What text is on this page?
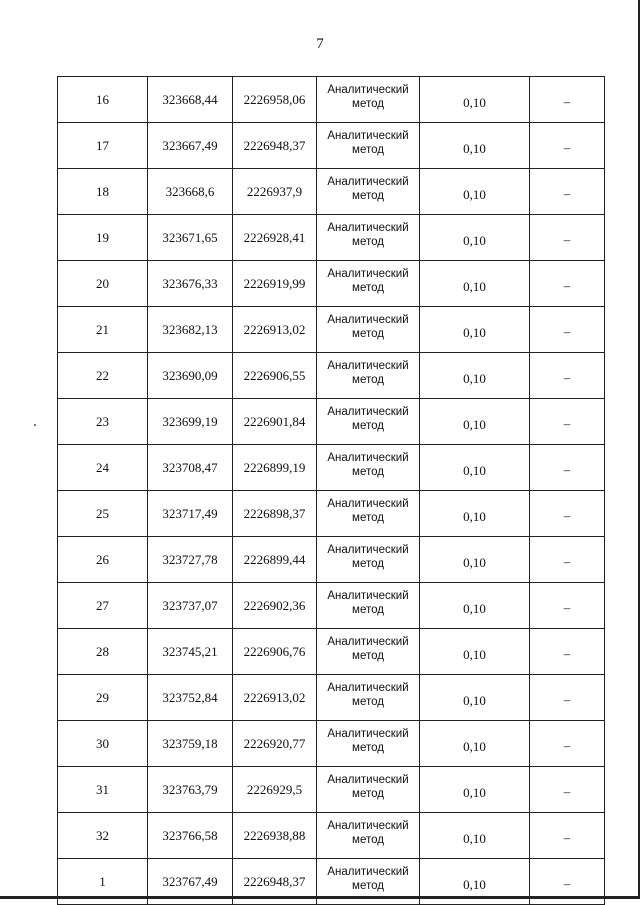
7
16	323668,44	2226958,06	Аналитический
метод	0,10	–
17	323667,49	2226948,37	Аналитический
метод	0,10	–
18	323668,6	2226937,9	Аналитический
метод	0,10	–
19	323671,65	2226928,41	Аналитический
метод	0,10	–
20	323676,33	2226919,99	Аналитический
метод	0,10	–
21	323682,13	2226913,02	Аналитический
метод	0,10	–
22	323690,09	2226906,55	Аналитический
метод	0,10	–
23	323699,19	2226901,84	Аналитический
метод	0,10	–
24	323708,47	2226899,19	Аналитический
метод	0,10	–
25	323717,49	2226898,37	Аналитический
метод	0,10	–
26	323727,78	2226899,44	Аналитический
метод	0,10	–
27	323737,07	2226902,36	Аналитический
метод	0,10	–
28	323745,21	2226906,76	Аналитический
метод	0,10	–
29	323752,84	2226913,02	Аналитический
метод	0,10	–
30	323759,18	2226920,77	Аналитический
метод	0,10	–
31	323763,79	2226929,5	Аналитический
метод	0,10	–
32	323766,58	2226938,88	Аналитический
метод	0,10	–
1	323767,49	2226948,37	Аналитический
метод	0,10	–
